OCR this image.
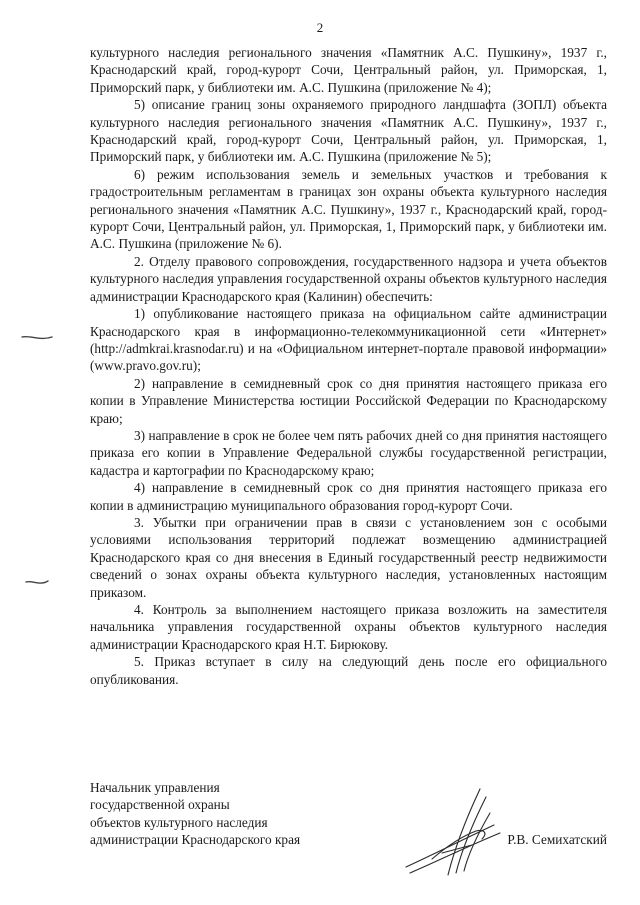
2

культурного наследия регионального значения «Памятник А.С. Пушкину», 1937 г., Краснодарский край, город-курорт Сочи, Центральный район, ул. Приморская, 1, Приморский парк, у библиотеки им. А.С. Пушкина (приложение № 4);

5) описание границ зоны охраняемого природного ландшафта (ЗОПЛ) объекта культурного наследия регионального значения «Памятник А.С. Пушкину», 1937 г., Краснодарский край, город-курорт Сочи, Центральный район, ул. Приморская, 1, Приморский парк, у библиотеки им. А.С. Пушкина (приложение № 5);

6) режим использования земель и земельных участков и требования к градостроительным регламентам в границах зон охраны объекта культурного наследия регионального значения «Памятник А.С. Пушкину», 1937 г., Краснодарский край, город-курорт Сочи, Центральный район, ул. Приморская, 1, Приморский парк, у библиотеки им. А.С. Пушкина (приложение № 6).

2. Отделу правового сопровождения, государственного надзора и учета объектов культурного наследия управления государственной охраны объектов культурного наследия администрации Краснодарского края (Калинин) обеспечить:

1) опубликование настоящего приказа на официальном сайте администрации Краснодарского края в информационно-телекоммуникационной сети «Интернет» (http://admkrai.krasnodar.ru) и на «Официальном интернет-портале правовой информации» (www.pravo.gov.ru);

2) направление в семидневный срок со дня принятия настоящего приказа его копии в Управление Министерства юстиции Российской Федерации по Краснодарскому краю;

3) направление в срок не более чем пять рабочих дней со дня принятия настоящего приказа его копии в Управление Федеральной службы государственной регистрации, кадастра и картографии по Краснодарскому краю;

4) направление в семидневный срок со дня принятия настоящего приказа его копии в администрацию муниципального образования город-курорт Сочи.

3. Убытки при ограничении прав в связи с установлением зон с особыми условиями использования территорий подлежат возмещению администрацией Краснодарского края со дня внесения в Единый государственный реестр недвижимости сведений о зонах охраны объекта культурного наследия, установленных настоящим приказом.

4. Контроль за выполнением настоящего приказа возложить на заместителя начальника управления государственной охраны объектов культурного наследия администрации Краснодарского края Н.Т. Бирюкову.

5. Приказ вступает в силу на следующий день после его официального опубликования.

Начальник управления
государственной охраны
объектов культурного наследия
администрации Краснодарского края	Р.В. Семихатский
